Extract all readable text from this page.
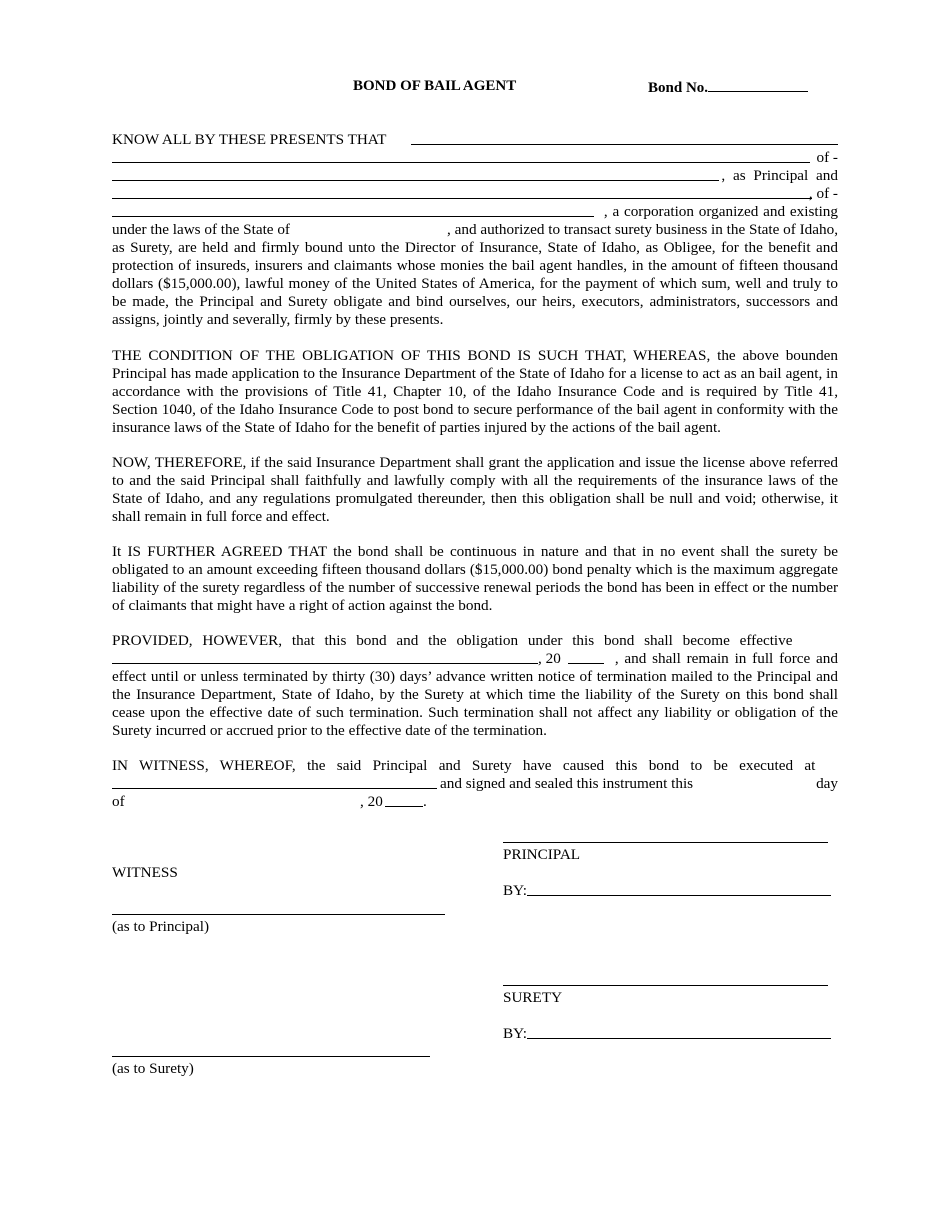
BOND OF BAIL AGENT	Bond No.
KNOW ALL BY THESE PRESENTS THAT
of -
, as Principal and
, of -
, a corporation organized and existing
under the laws of the State of	, and authorized to transact surety business in the State of Idaho,
as Surety, are held and firmly bound unto the Director of Insurance, State of Idaho, as Obligee, for the benefit and protection of insureds, insurers and claimants whose monies the bail agent handles, in the amount of fifteen thousand dollars ($15,000.00), lawful money of the United States of America, for the payment of which sum, well and truly to be made, the Principal and Surety obligate and bind ourselves, our heirs, executors, administrators, successors and assigns, jointly and severally, firmly by these presents.
THE CONDITION OF THE OBLIGATION OF THIS BOND IS SUCH THAT, WHEREAS, the above bounden Principal has made application to the Insurance Department of the State of Idaho for a license to act as an bail agent, in accordance with the provisions of Title 41, Chapter 10, of the Idaho Insurance Code and is required by Title 41, Section 1040, of the Idaho Insurance Code to post bond to secure performance of the bail agent in conformity with the insurance laws of the State of Idaho for the benefit of parties injured by the actions of the bail agent.
NOW, THEREFORE, if the said Insurance Department shall grant the application and issue the license above referred to and the said Principal shall faithfully and lawfully comply with all the requirements of the insurance laws of the State of Idaho, and any regulations promulgated thereunder, then this obligation shall be null and void; otherwise, it shall remain in full force and effect.
It IS FURTHER AGREED THAT the bond shall be continuous in nature and that in no event shall the surety be obligated to an amount exceeding fifteen thousand dollars ($15,000.00) bond penalty which is the maximum aggregate liability of the surety regardless of the number of successive renewal periods the bond has been in effect or the number of claimants that might have a right of action against the bond.
PROVIDED, HOWEVER, that this bond and the obligation under this bond shall become effective
, 20	, and shall remain in full force and
effect until or unless terminated by thirty (30) days’ advance written notice of termination mailed to the Principal and the Insurance Department, State of Idaho, by the Surety at which time the liability of the Surety on this bond shall cease upon the effective date of such termination. Such termination shall not affect any liability or obligation of the Surety incurred or accrued prior to the effective date of the termination.
IN WITNESS, WHEREOF, the said Principal and Surety have caused this bond to be executed at
and signed and sealed this instrument this	day
of	, 20	.
PRINCIPAL
WITNESS
BY:
(as to Principal)
SURETY
BY:
(as to Surety)
